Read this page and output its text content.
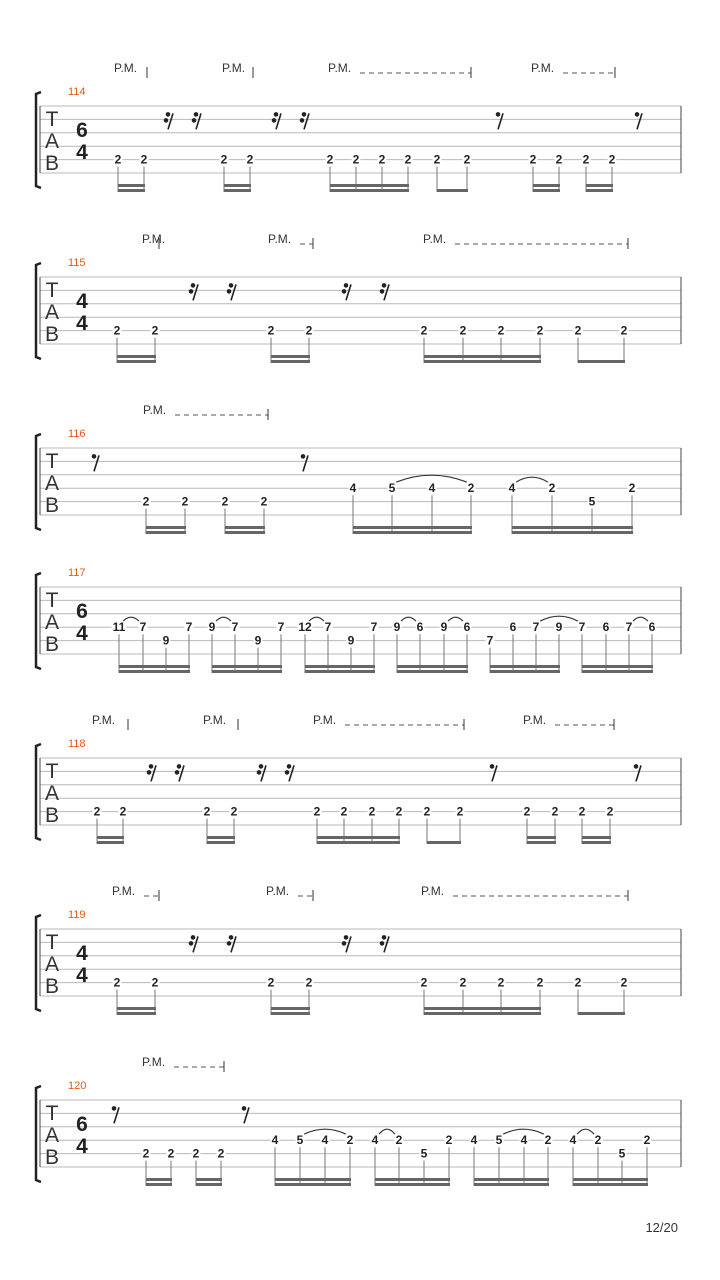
T
A
B
114
6
4
P.M.	P.M.	P.M.	P.M.
2 2	2 2	2 2 2 2 2 2	2 2 2 2
T
A
B
115
4
4
P.M.	P.M.	P.M.
2	2	2	2	2	2	2	2	2	2
T
A
B
116
P.M.
2	2	2	2
4	5	4	2	4	2
5
2
T
A
B
117
6
4 11 7
9
7 9 7
9
7 12 7
9
7 9 6 9 6
7
6 7 9 7 6 7 6
T
A
B
118
P.M.	P.M.	P.M.	P.M.
2 2	2 2	2 2 2 2 2 2	2 2 2 2
T
A
B
119
4
4
P.M.	P.M.	P.M.
2	2	2	2	2	2	2	2	2	2
T
A
B
120
6
4
P.M.
2 2 2 2
4 5 4 2 4 2
5
2 4 5 4 2 4 2
5
2
12/20
